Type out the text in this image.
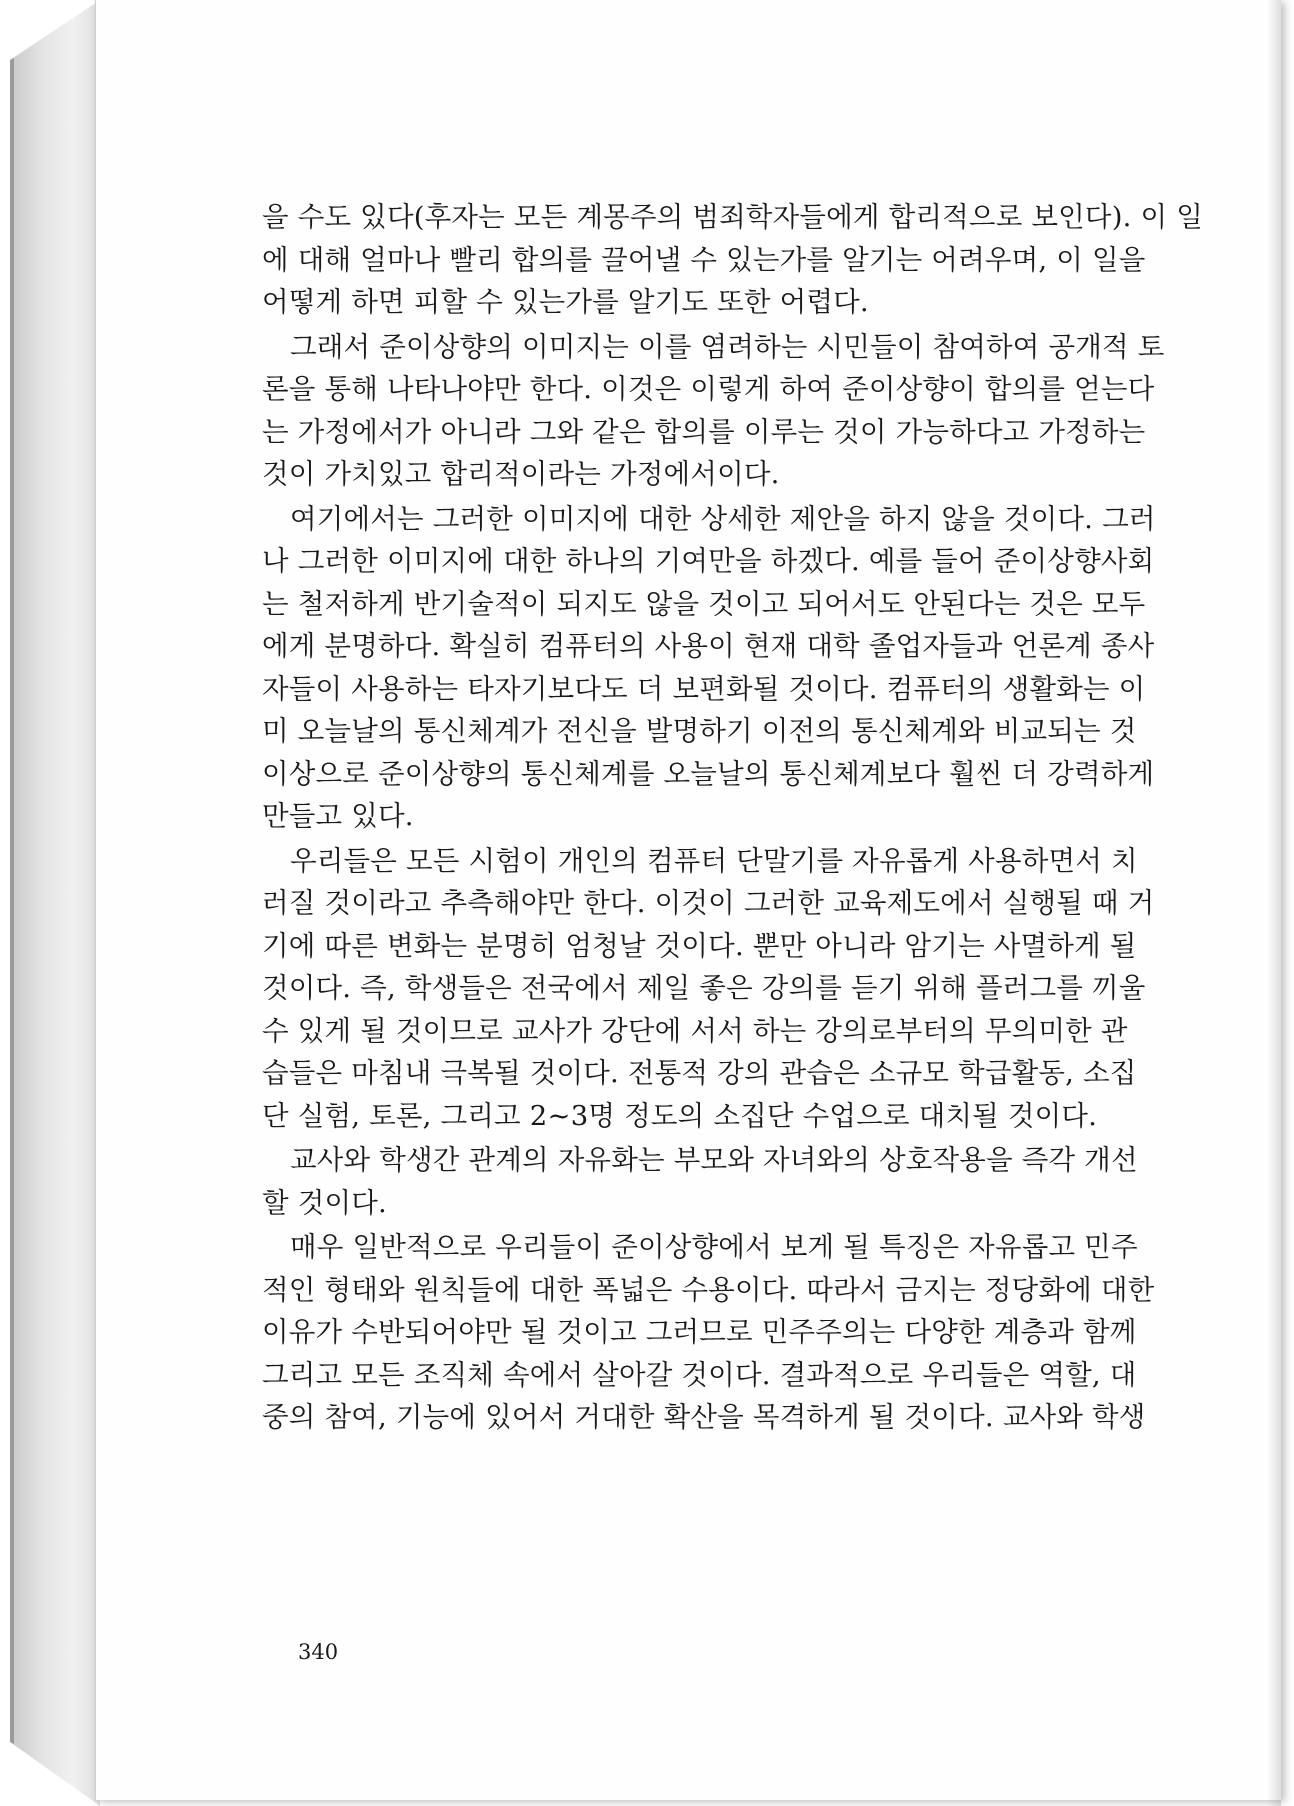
을 수도 있다(후자는 모든 계몽주의 범죄학자들에게 합리적으로 보인다). 이 일
에 대해 얼마나 빨리 합의를 끌어낼 수 있는가를 알기는 어려우며, 이 일을
어떻게 하면 피할 수 있는가를 알기도 또한 어렵다.
그래서 준이상향의 이미지는 이를 염려하는 시민들이 참여하여 공개적 토
론을 통해 나타나야만 한다. 이것은 이렇게 하여 준이상향이 합의를 얻는다
는 가정에서가 아니라 그와 같은 합의를 이루는 것이 가능하다고 가정하는
것이 가치있고 합리적이라는 가정에서이다.
여기에서는 그러한 이미지에 대한 상세한 제안을 하지 않을 것이다. 그러
나 그러한 이미지에 대한 하나의 기여만을 하겠다. 예를 들어 준이상향사회
는 철저하게 반기술적이 되지도 않을 것이고 되어서도 안된다는 것은 모두
에게 분명하다. 확실히 컴퓨터의 사용이 현재 대학 졸업자들과 언론계 종사
자들이 사용하는 타자기보다도 더 보편화될 것이다. 컴퓨터의 생활화는 이
미 오늘날의 통신체계가 전신을 발명하기 이전의 통신체계와 비교되는 것
이상으로 준이상향의 통신체계를 오늘날의 통신체계보다 훨씬 더 강력하게
만들고 있다.
우리들은 모든 시험이 개인의 컴퓨터 단말기를 자유롭게 사용하면서 치
러질 것이라고 추측해야만 한다. 이것이 그러한 교육제도에서 실행될 때 거
기에 따른 변화는 분명히 엄청날 것이다. 뿐만 아니라 암기는 사멸하게 될
것이다. 즉, 학생들은 전국에서 제일 좋은 강의를 듣기 위해 플러그를 끼울
수 있게 될 것이므로 교사가 강단에 서서 하는 강의로부터의 무의미한 관
습들은 마침내 극복될 것이다. 전통적 강의 관습은 소규모 학급활동, 소집
단 실험, 토론, 그리고 2~3명 정도의 소집단 수업으로 대치될 것이다.
교사와 학생간 관계의 자유화는 부모와 자녀와의 상호작용을 즉각 개선
할 것이다.
매우 일반적으로 우리들이 준이상향에서 보게 될 특징은 자유롭고 민주
적인 형태와 원칙들에 대한 폭넓은 수용이다. 따라서 금지는 정당화에 대한
이유가 수반되어야만 될 것이고 그러므로 민주주의는 다양한 계층과 함께
그리고 모든 조직체 속에서 살아갈 것이다. 결과적으로 우리들은 역할, 대
중의 참여, 기능에 있어서 거대한 확산을 목격하게 될 것이다. 교사와 학생
340
